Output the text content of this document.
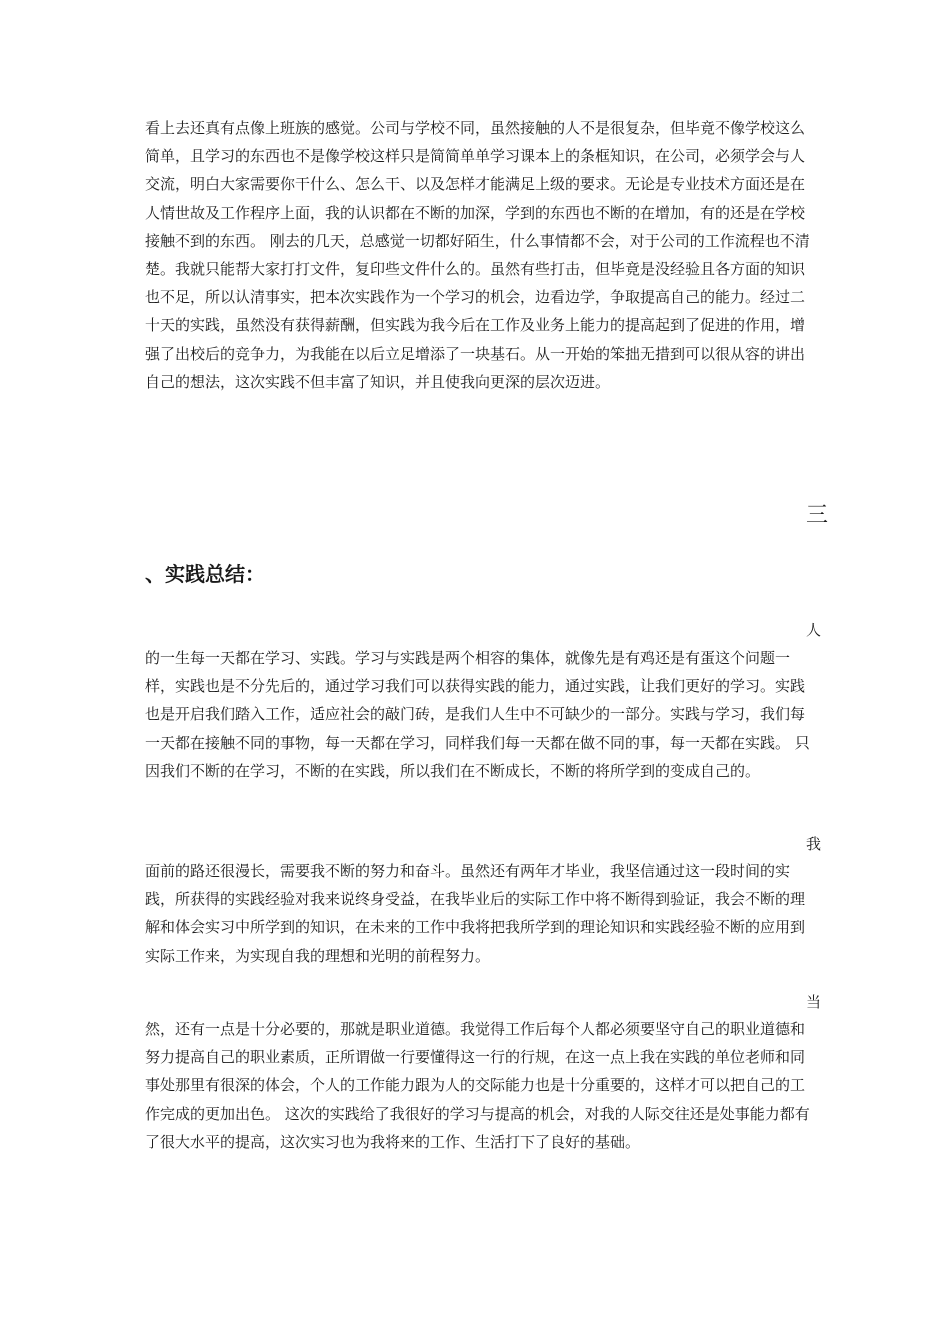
看上去还真有点像上班族的感觉。公司与学校不同，虽然接触的人不是很复杂，但毕竟不像学校这么简单，且学习的东西也不是像学校这样只是简简单单学习课本上的条框知识，在公司，必须学会与人交流，明白大家需要你干什么、怎么干、以及怎样才能满足上级的要求。无论是专业技术方面还是在人情世故及工作程序上面，我的认识都在不断的加深，学到的东西也不断的在增加，有的还是在学校接触不到的东西。 刚去的几天，总感觉一切都好陌生，什么事情都不会，对于公司的工作流程也不清楚。我就只能帮大家打打文件，复印些文件什么的。虽然有些打击，但毕竟是没经验且各方面的知识也不足，所以认清事实，把本次实践作为一个学习的机会，边看边学，争取提高自己的能力。经过二十天的实践，虽然没有获得薪酬，但实践为我今后在工作及业务上能力的提高起到了促进的作用，增强了出校后的竞争力，为我能在以后立足增添了一块基石。从一开始的笨拙无措到可以很从容的讲出自己的想法，这次实践不但丰富了知识，并且使我向更深的层次迈进。

三

、实践总结：

人

的一生每一天都在学习、实践。学习与实践是两个相容的集体，就像先是有鸡还是有蛋这个问题一样，实践也是不分先后的，通过学习我们可以获得实践的能力，通过实践，让我们更好的学习。实践也是开启我们踏入工作，适应社会的敲门砖，是我们人生中不可缺少的一部分。实践与学习，我们每一天都在接触不同的事物，每一天都在学习，同样我们每一天都在做不同的事，每一天都在实践。 只因我们不断的在学习，不断的在实践，所以我们在不断成长，不断的将所学到的变成自己的。

我

面前的路还很漫长，需要我不断的努力和奋斗。虽然还有两年才毕业，我坚信通过这一段时间的实践，所获得的实践经验对我来说终身受益，在我毕业后的实际工作中将不断得到验证，我会不断的理解和体会实习中所学到的知识，在未来的工作中我将把我所学到的理论知识和实践经验不断的应用到实际工作来，为实现自我的理想和光明的前程努力。

当

然，还有一点是十分必要的，那就是职业道德。我觉得工作后每个人都必须要坚守自己的职业道德和努力提高自己的职业素质，正所谓做一行要懂得这一行的行规，在这一点上我在实践的单位老师和同事处那里有很深的体会，个人的工作能力跟为人的交际能力也是十分重要的，这样才可以把自己的工作完成的更加出色。 这次的实践给了我很好的学习与提高的机会，对我的人际交往还是处事能力都有了很大水平的提高，这次实习也为我将来的工作、生活打下了良好的基础。
